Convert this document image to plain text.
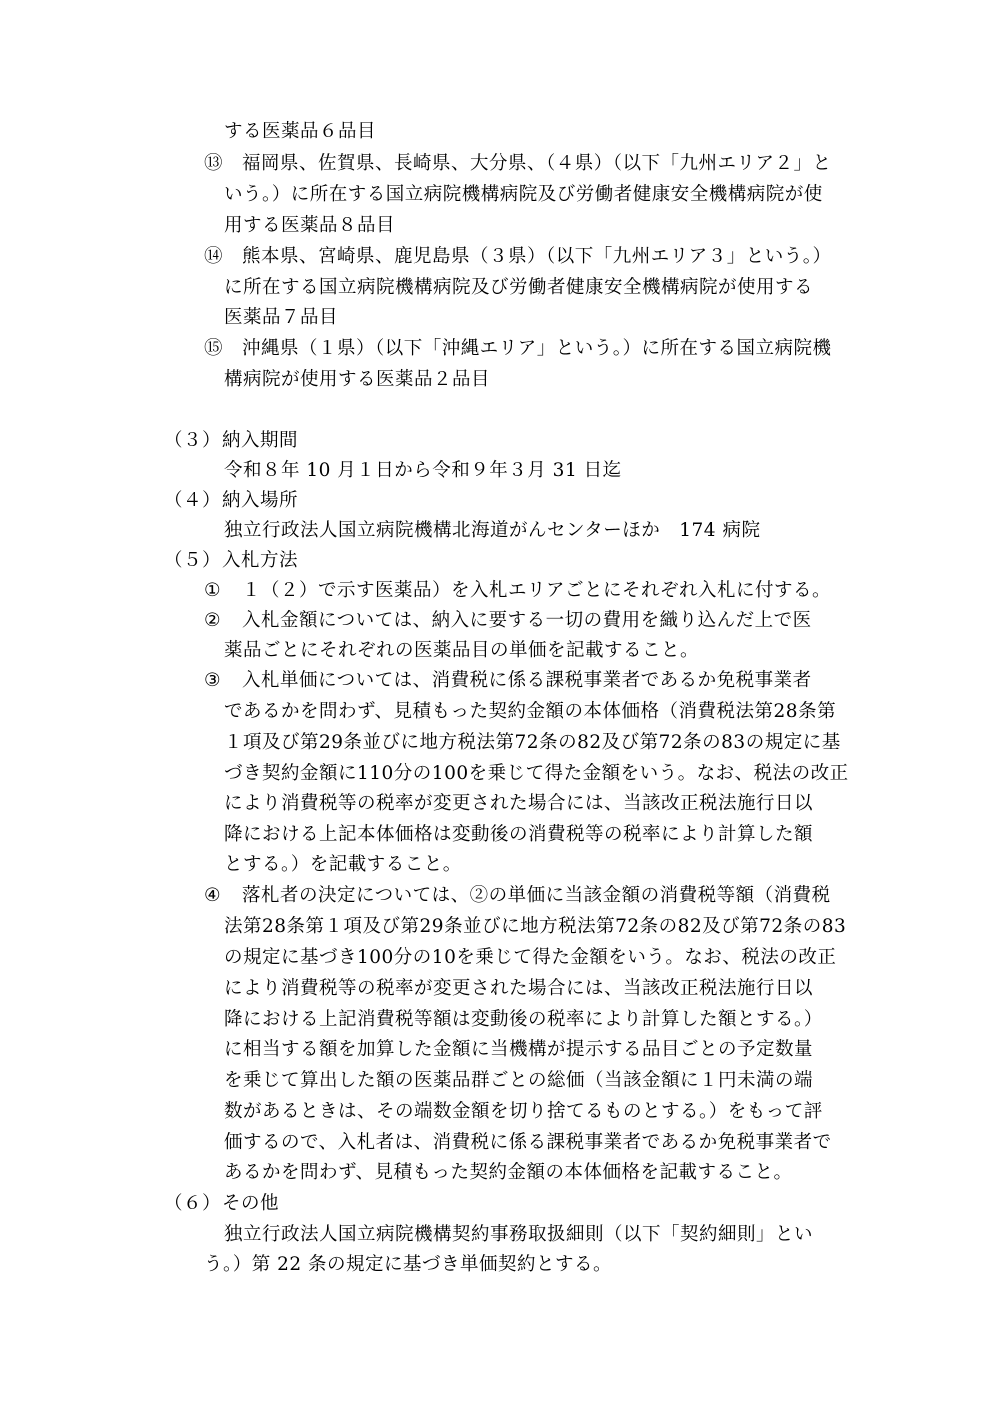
する医薬品６品目
⑬ 福岡県、佐賀県、長崎県、大分県、（４県）（以下「九州エリア２」と
いう。）に所在する国立病院機構病院及び労働者健康安全機構病院が使
用する医薬品８品目
⑭ 熊本県、宮崎県、鹿児島県（３県）（以下「九州エリア３」という。）
に所在する国立病院機構病院及び労働者健康安全機構病院が使用する
医薬品７品目
⑮ 沖縄県（１県）（以下「沖縄エリア」という。）に所在する国立病院機
構病院が使用する医薬品２品目
（３）納入期間
令和８年 10 月１日から令和９年３月 31 日迄
（４）納入場所
独立行政法人国立病院機構北海道がんセンターほか　174 病院
（５）入札方法
① １（２）で示す医薬品）を入札エリアごとにそれぞれ入札に付する。
② 入札金額については、納入に要する一切の費用を織り込んだ上で医
薬品ごとにそれぞれの医薬品目の単価を記載すること。
③ 入札単価については、消費税に係る課税事業者であるか免税事業者
であるかを問わず、見積もった契約金額の本体価格（消費税法第28条第
１項及び第29条並びに地方税法第72条の82及び第72条の83の規定に基
づき契約金額に110分の100を乗じて得た金額をいう。なお、税法の改正
により消費税等の税率が変更された場合には、当該改正税法施行日以
降における上記本体価格は変動後の消費税等の税率により計算した額
とする。）を記載すること。
④ 落札者の決定については、②の単価に当該金額の消費税等額（消費税
法第28条第１項及び第29条並びに地方税法第72条の82及び第72条の83
の規定に基づき100分の10を乗じて得た金額をいう。なお、税法の改正
により消費税等の税率が変更された場合には、当該改正税法施行日以
降における上記消費税等額は変動後の税率により計算した額とする。）
に相当する額を加算した金額に当機構が提示する品目ごとの予定数量
を乗じて算出した額の医薬品群ごとの総価（当該金額に１円未満の端
数があるときは、その端数金額を切り捨てるものとする。）をもって評
価するので、入札者は、消費税に係る課税事業者であるか免税事業者で
あるかを問わず、見積もった契約金額の本体価格を記載すること。
（６）その他
独立行政法人国立病院機構契約事務取扱細則（以下「契約細則」とい
う。）第 22 条の規定に基づき単価契約とする。
